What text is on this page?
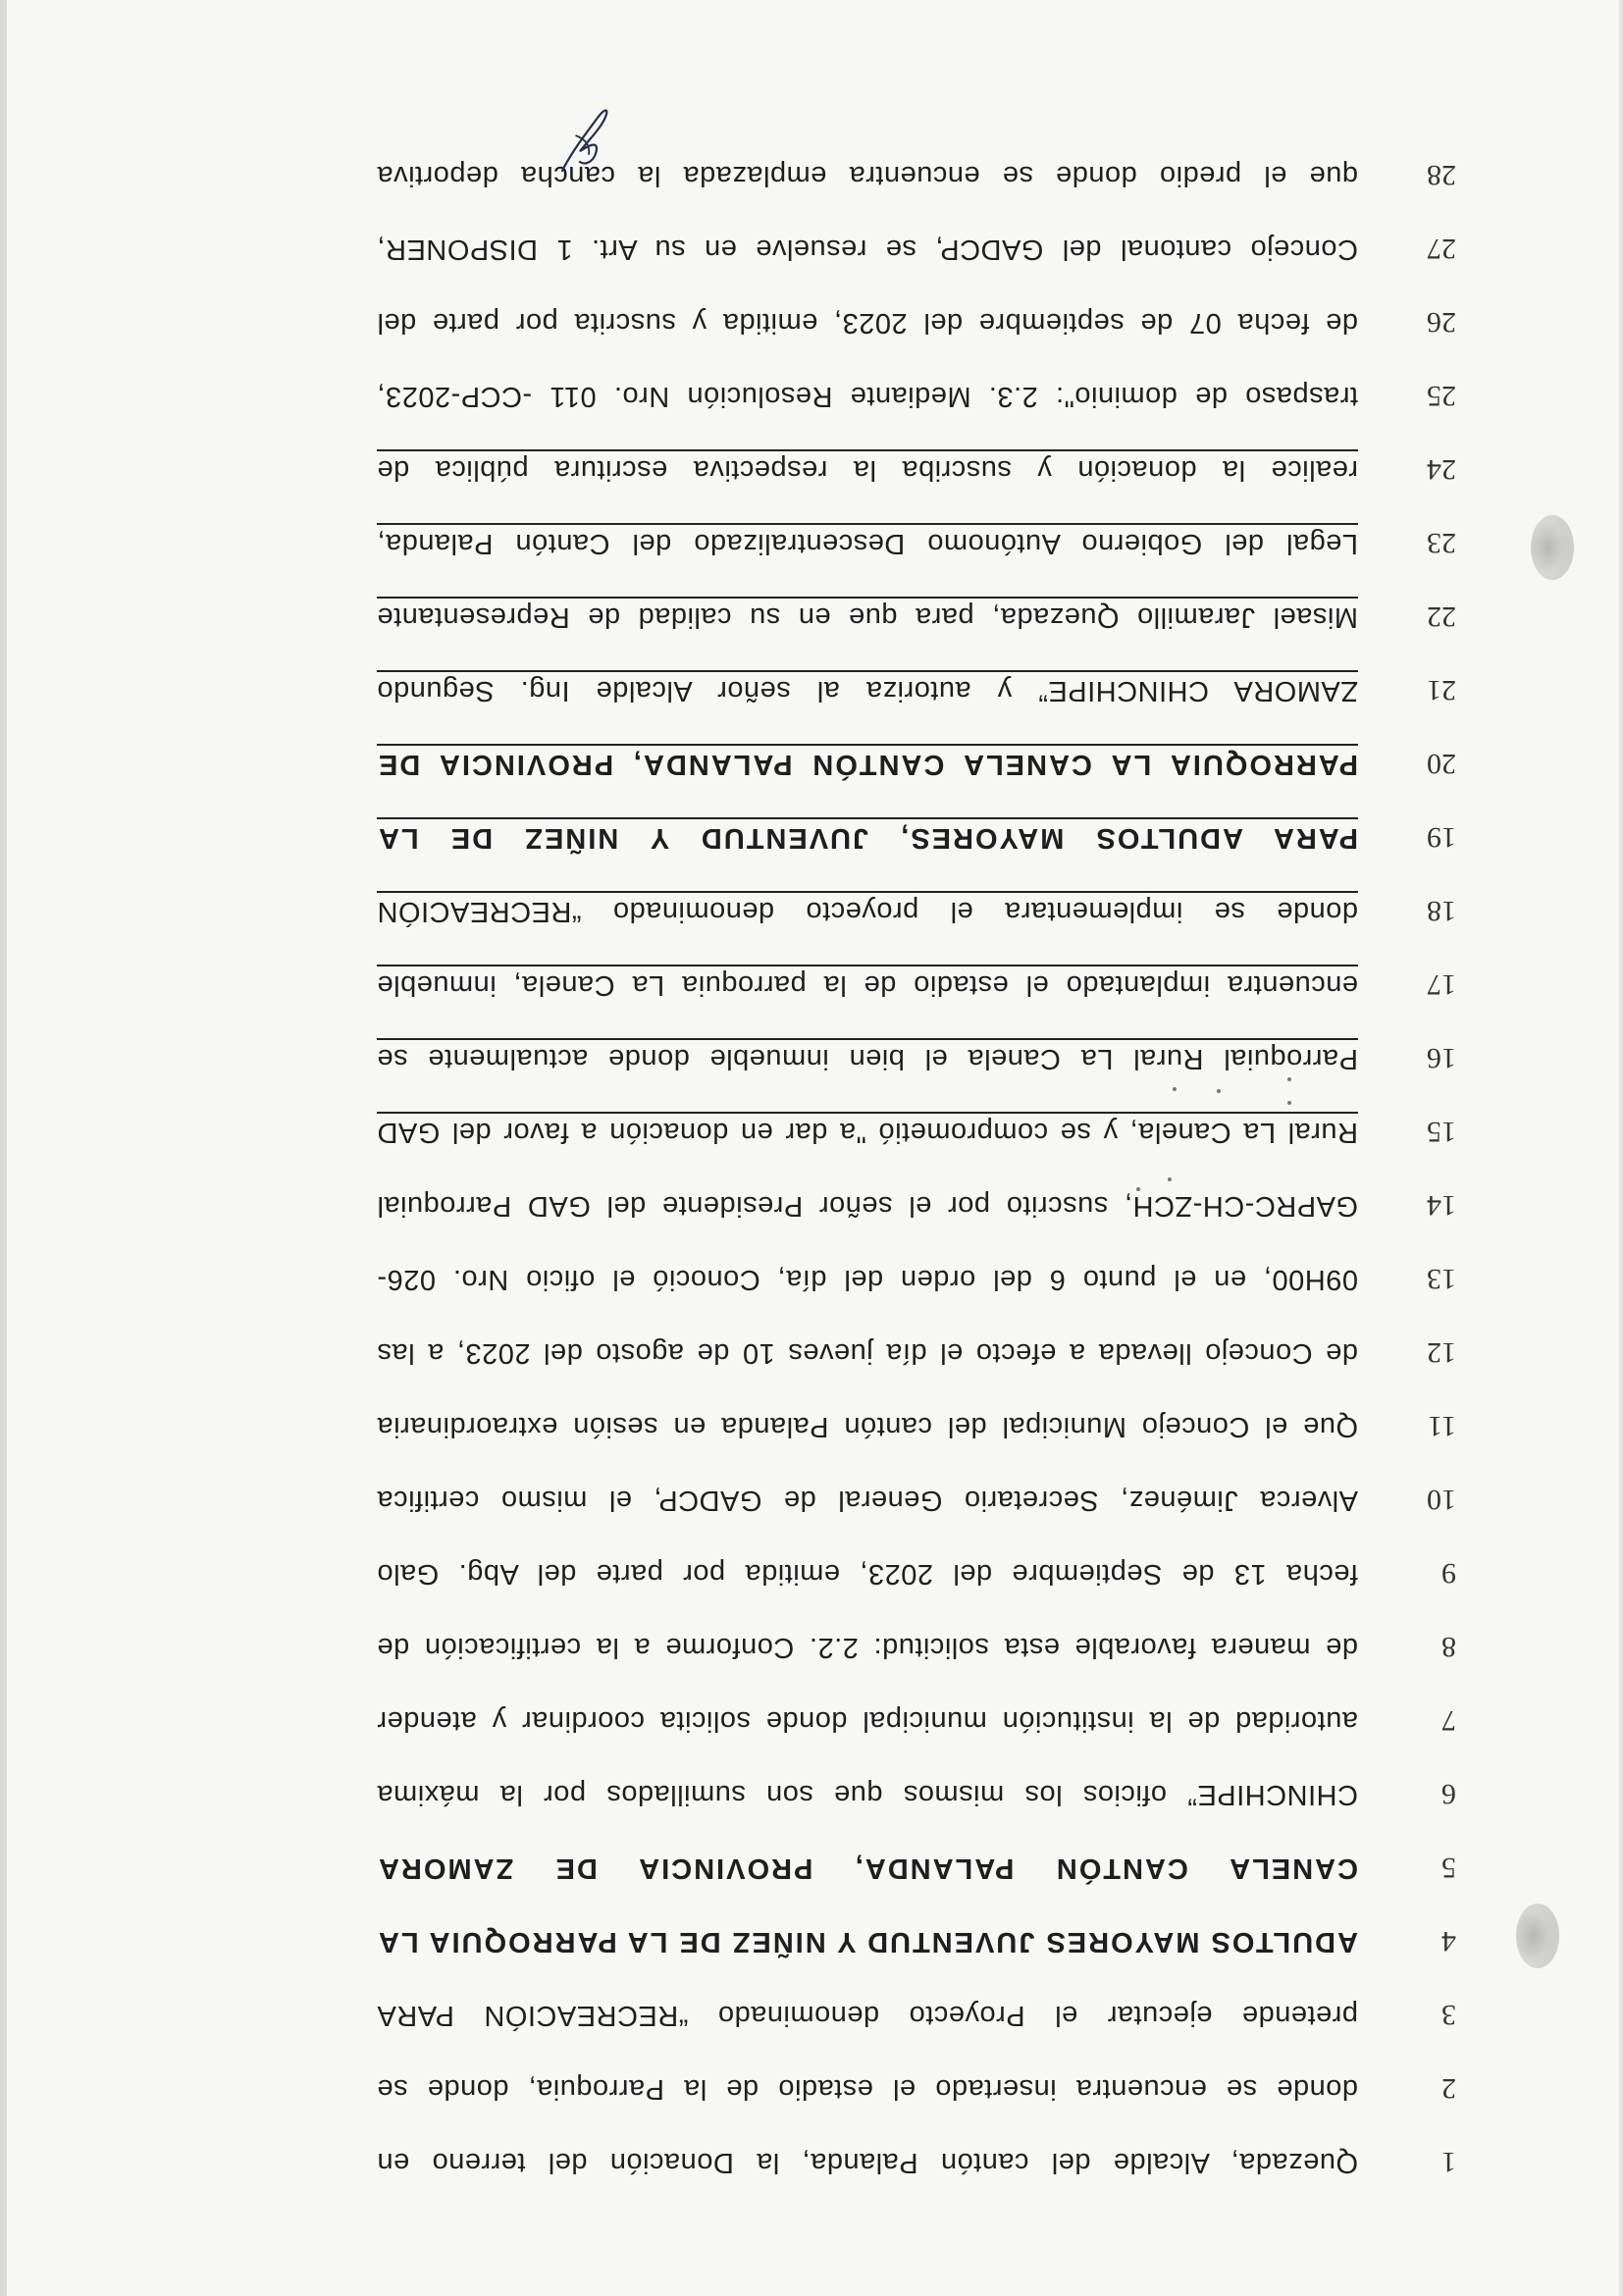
1
Quezada, Alcalde del cantón Palanda, la Donación del terreno en
2
donde se encuentra insertado el estadio de la Parroquia, donde se
3
pretende ejecutar el Proyecto denominado “RECREACIÓN PARA
4
ADULTOS MAYORES JUVENTUD Y NIÑEZ DE LA PARROQUIA LA
5
CANELA CANTÓN PALANDA, PROVINCIA DE ZAMORA
6
CHINCHIPE” oficios los mismos que son sumillados por la máxima
7
autoridad de la institución municipal donde solicita coordinar y atender
8
de manera favorable esta solicitud: 2.2. Conforme a la certificación de
9
fecha 13 de Septiembre del 2023, emitida por parte del Abg. Galo
10
Alverca Jiménez, Secretario General de GADCP, el mismo certifica
11
Que el Concejo Municipal del cantón Palanda en sesión extraordinaria
12
de Concejo llevada a efecto el día jueves 10 de agosto del 2023, a las
13
09H00, en el punto 6 del orden del día, Conoció el oficio Nro. 026-
14
GAPRC-CH-ZCH, suscrito por el señor Presidente del GAD Parroquial
15
Rural La Canela, y se comprometió "a dar en donación a favor del GAD
16
Parroquial Rural La Canela el bien inmueble donde actualmente se
17
encuentra implantado el estadio de la parroquia La Canela, inmueble
18
donde se implementara el proyecto denominado “RECREACIÓN
19
PARA ADULTOS MAYORES, JUVENTUD Y NIÑEZ DE LA
20
PARROQUIA LA CANELA CANTÓN PALANDA, PROVINCIA DE
21
ZAMORA CHINCHIPE” y autoriza al señor Alcalde Ing. Segundo
22
Misael Jaramillo Quezada, para que en su calidad de Representante
23
Legal del Gobierno Autónomo Descentralizado del Cantón Palanda,
24
realice la donación y suscriba la respectiva escritura pública de
25
traspaso de dominio": 2.3. Mediante Resolución Nro. 011 -CCP-2023,
26
de fecha 07 de septiembre del 2023, emitida y suscrita por parte del
27
Concejo cantonal del GADCP, se resuelve en su Art. 1 DISPONER,
28
que el predio donde se encuentra emplazada la cancha deportiva
